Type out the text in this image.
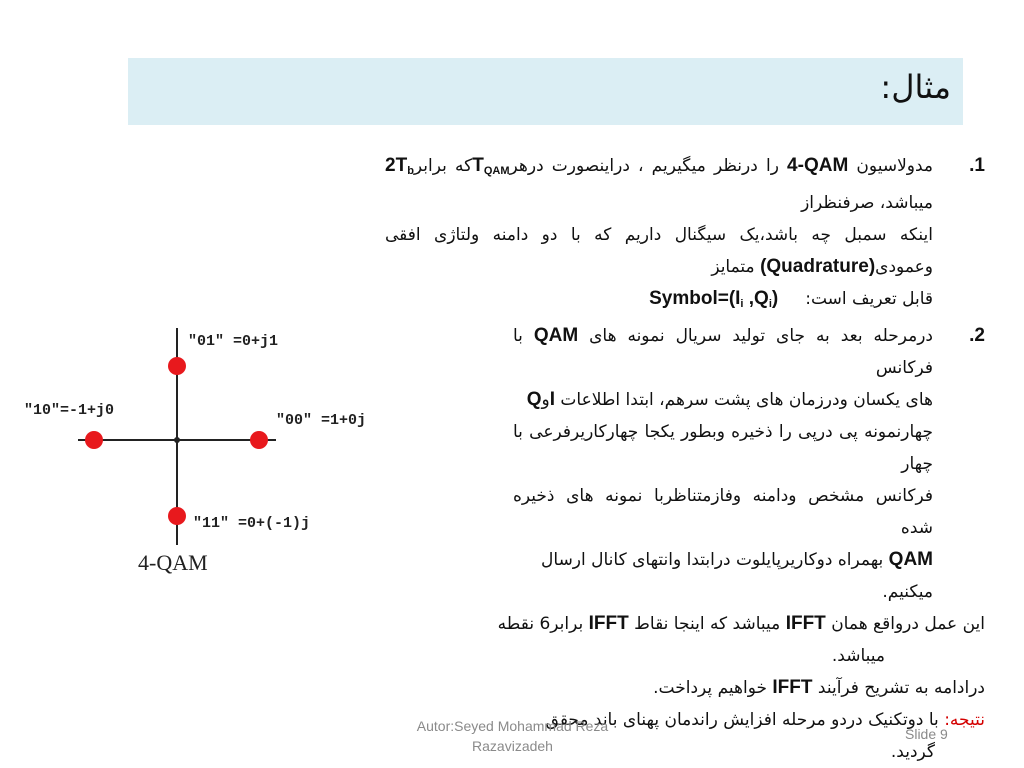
مثال:
"01" =0+j1
"10"=-1+j0
"00" =1+0j
"11" =0+(-1)j
4-QAM
.1
مدولاسیون 4-QAM را درنظر میگیریم ، دراینصورت درهرT$_{QAM}$که $برابر2T_b$ میباشد، صرفنظراز
اینکه سمبل چه باشد،یک سیگنال داریم که با دو دامنه ولتاژی افقی وعمودی(Quadrature) متمایز
قابل تعریف است:     $Symbol=(I_i$ $,Q_i$)
.2
درمرحله بعد به جای تولید سریال نمونه های QAM با فرکانس
های یکسان ودرزمان های پشت سرهم، ابتدا اطلاعات IوQ
چهارنمونه پی درپی را ذخیره وبطور یکجا چهارکاریرفرعی با چهار
فرکانس مشخص ودامنه وفازمتناظربا نمونه های ذخیره شده
QAM بهمراه دوکاریرپایلوت درابتدا وانتهای کانال ارسال
میکنیم.
این عمل درواقع همان IFFT میباشد که اینجا نقاط IFFT برابر6 نقطه
میباشد.
درادامه به تشریح فرآیند IFFT خواهیم پرداخت.
نتیجه: با دوتکنیک دردو مرحله افزایش راندمان پهنای باند محقق
گردید.
Autor:Seyed Mohammad Reza Razavizadeh
Slide 9
